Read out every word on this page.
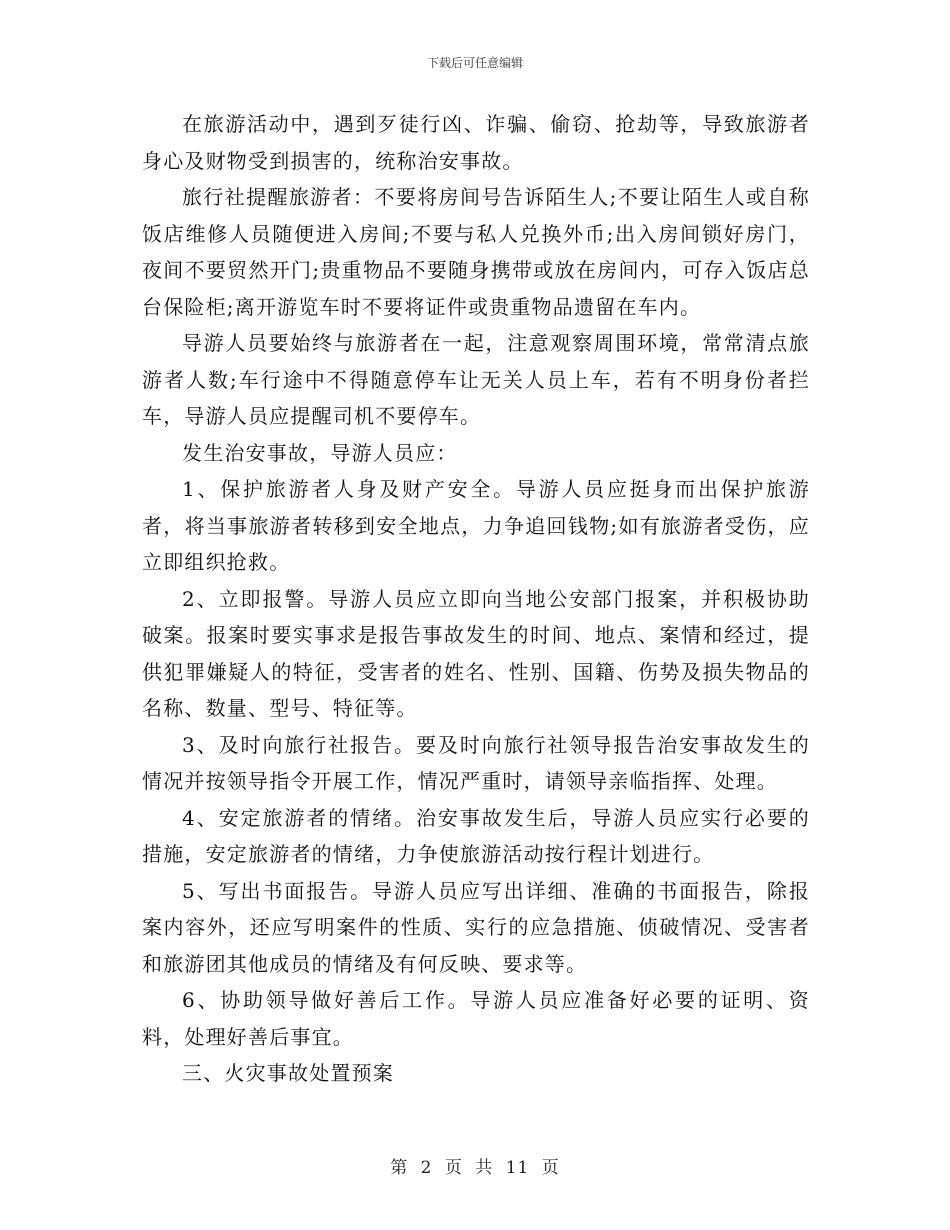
下载后可任意编辑

在旅游活动中，遇到歹徒行凶、诈骗、偷窃、抢劫等，导致旅游者身心及财物受到损害的，统称治安事故。

旅行社提醒旅游者：不要将房间号告诉陌生人;不要让陌生人或自称饭店维修人员随便进入房间;不要与私人兑换外币;出入房间锁好房门，夜间不要贸然开门;贵重物品不要随身携带或放在房间内，可存入饭店总台保险柜;离开游览车时不要将证件或贵重物品遗留在车内。

导游人员要始终与旅游者在一起，注意观察周围环境，常常清点旅游者人数;车行途中不得随意停车让无关人员上车，若有不明身份者拦车，导游人员应提醒司机不要停车。

发生治安事故，导游人员应：

1、保护旅游者人身及财产安全。导游人员应挺身而出保护旅游者，将当事旅游者转移到安全地点，力争追回钱物;如有旅游者受伤，应立即组织抢救。

2、立即报警。导游人员应立即向当地公安部门报案，并积极协助破案。报案时要实事求是报告事故发生的时间、地点、案情和经过，提供犯罪嫌疑人的特征，受害者的姓名、性别、国籍、伤势及损失物品的名称、数量、型号、特征等。

3、及时向旅行社报告。要及时向旅行社领导报告治安事故发生的情况并按领导指令开展工作，情况严重时，请领导亲临指挥、处理。

4、安定旅游者的情绪。治安事故发生后，导游人员应实行必要的措施，安定旅游者的情绪，力争使旅游活动按行程计划进行。

5、写出书面报告。导游人员应写出详细、准确的书面报告，除报案内容外，还应写明案件的性质、实行的应急措施、侦破情况、受害者和旅游团其他成员的情绪及有何反映、要求等。

6、协助领导做好善后工作。导游人员应准备好必要的证明、资料，处理好善后事宜。

三、火灾事故处置预案

第 2 页 共 11 页
